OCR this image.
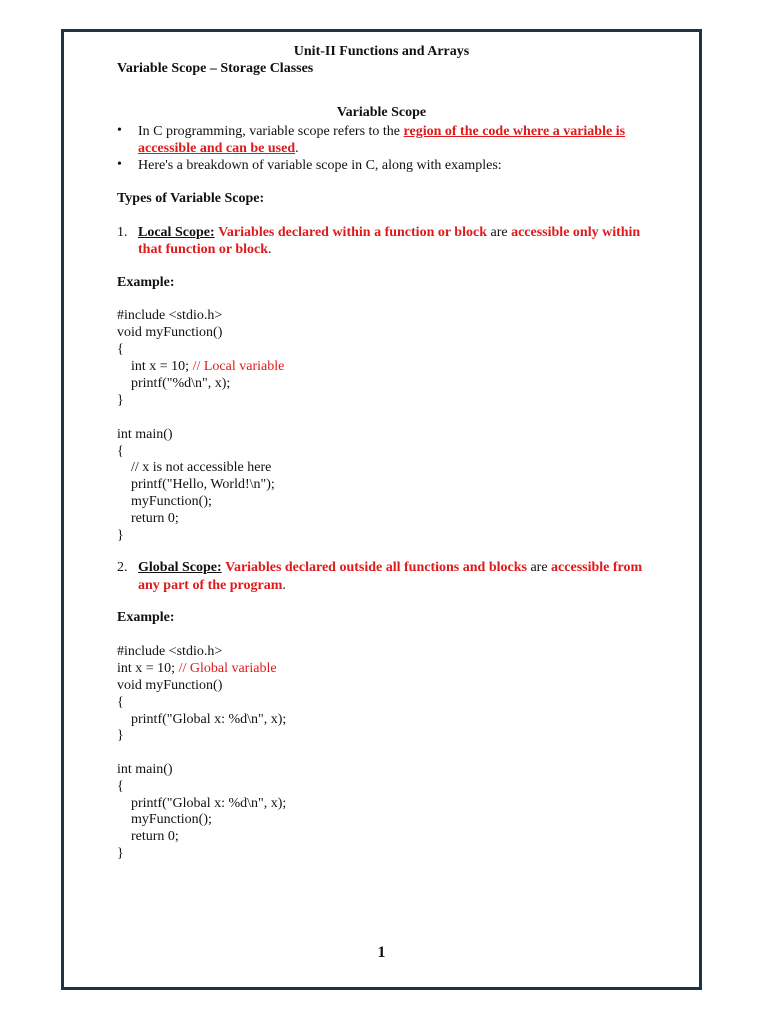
Unit-II Functions and Arrays
Variable Scope – Storage Classes
Variable Scope
• In C programming, variable scope refers to the region of the code where a variable is
accessible and can be used.
• Here's a breakdown of variable scope in C, along with examples:
Types of Variable Scope:
1. Local Scope: Variables declared within a function or block are accessible only within
that function or block.
Example:
#include <stdio.h>
void myFunction()
{
int x = 10; // Local variable
printf("%d\n", x);
}
int main()
{
// x is not accessible here
printf("Hello, World!\n");
myFunction();
return 0;
}
2. Global Scope: Variables declared outside all functions and blocks are accessible from
any part of the program.
Example:
#include <stdio.h>
int x = 10; // Global variable
void myFunction()
{
printf("Global x: %d\n", x);
}
int main()
{
printf("Global x: %d\n", x);
myFunction();
return 0;
}
1
